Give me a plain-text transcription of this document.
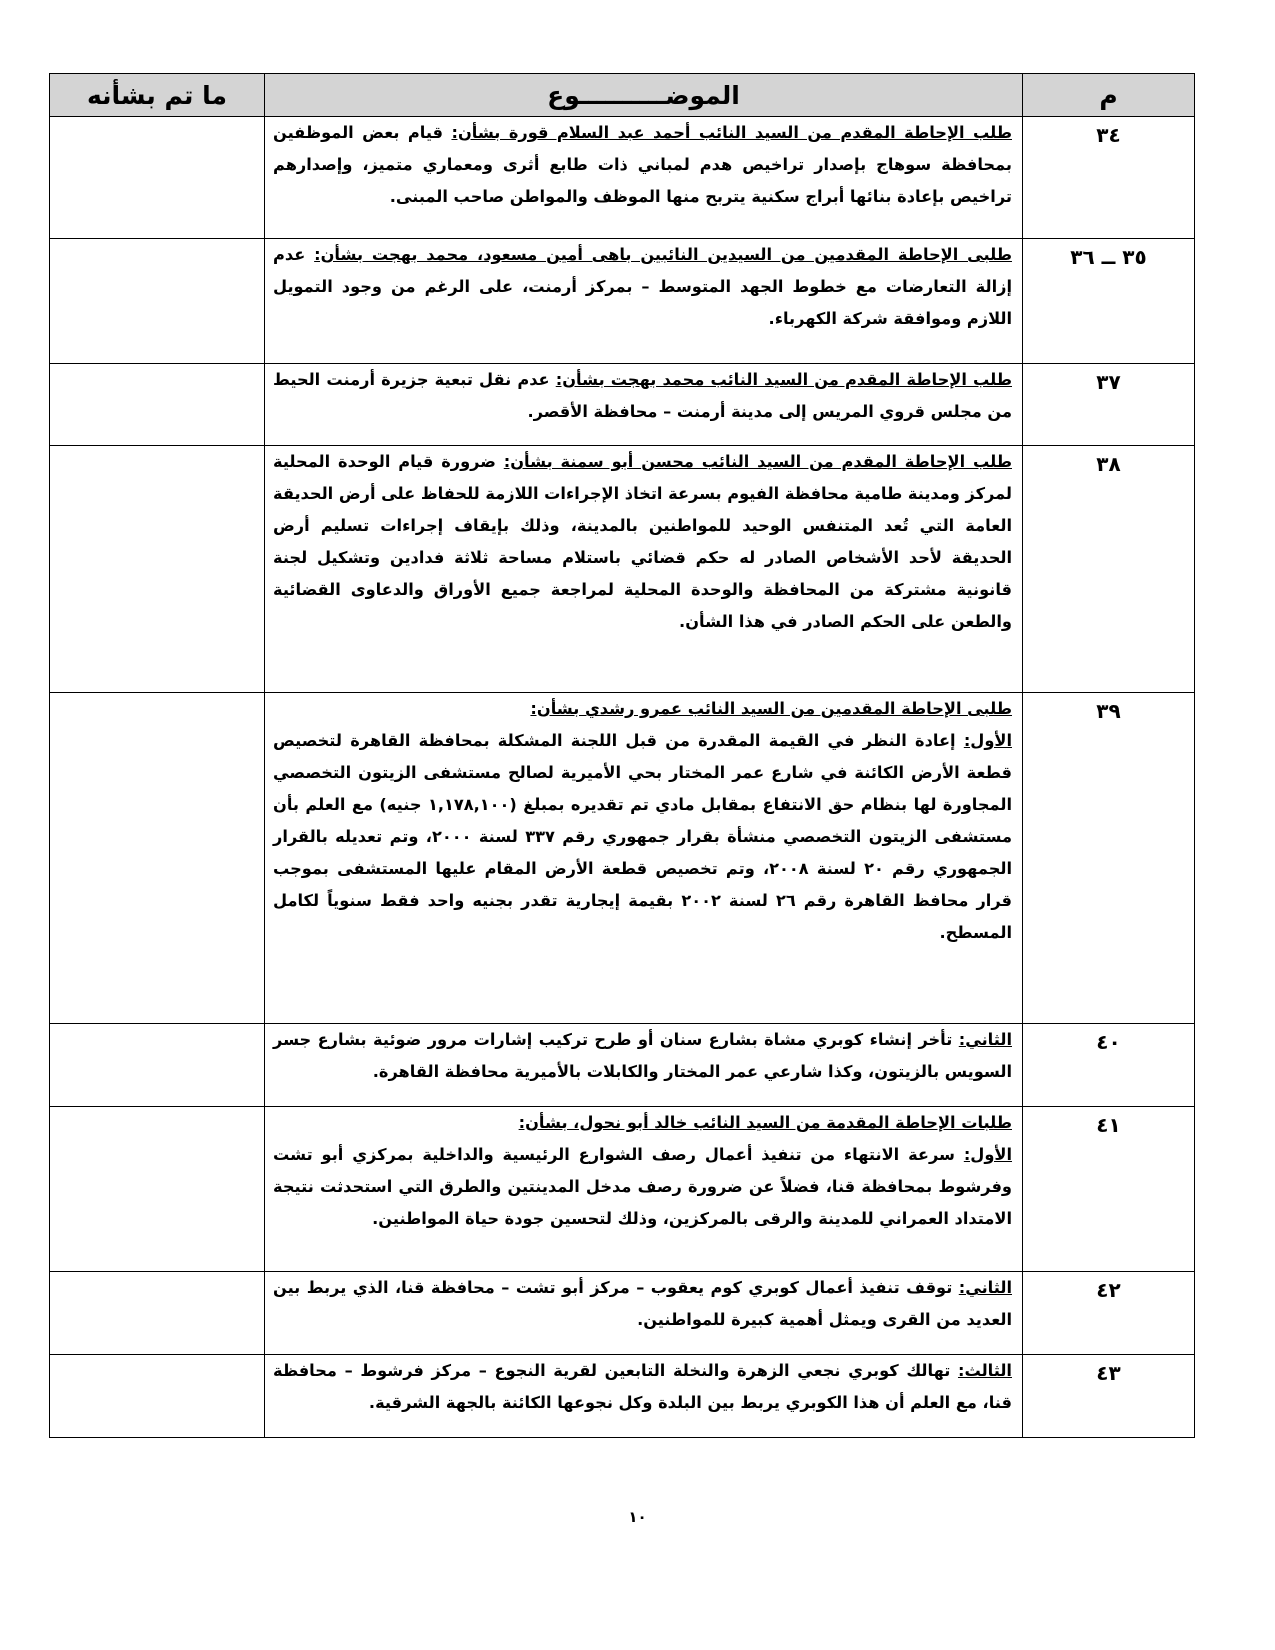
م	الموضــــــــــوع	ما تم بشأنه
٣٤	طلب الإحاطة المقدم من السيد النائب أحمد عبد السلام قورة بشأن: قيام بعض الموظفين بمحافظة سوهاج بإصدار تراخيص هدم لمباني ذات طابع أثرى ومعماري متميز، وإصدارهم تراخيص بإعادة بنائها أبراج سكنية يتربح منها الموظف والمواطن صاحب المبنى.	

٣٥ ــ ٣٦	طلبى الإحاطة المقدمين من السيدين النائبين باهى أمين مسعود، محمد بهجت بشأن: عدم إزالة التعارضات مع خطوط الجهد المتوسط – بمركز أرمنت، على الرغم من وجود التمويل اللازم وموافقة شركة الكهرباء.	

٣٧	طلب الإحاطة المقدم من السيد النائب محمد بهجت بشأن: عدم نقل تبعية جزيرة أرمنت الحيط من مجلس قروي المريس إلى مدينة أرمنت – محافظة الأقصر.	

٣٨	طلب الإحاطة المقدم من السيد النائب محسن أبو سمنة بشأن: ضرورة قيام الوحدة المحلية لمركز ومدينة طامية محافظة الفيوم بسرعة اتخاذ الإجراءات اللازمة للحفاظ على أرض الحديقة العامة التي تُعد المتنفس الوحيد للمواطنين بالمدينة، وذلك بإيقاف إجراءات تسليم أرض الحديقة لأحد الأشخاص الصادر له حكم قضائي باستلام مساحة ثلاثة فدادين وتشكيل لجنة قانونية مشتركة من المحافظة والوحدة المحلية لمراجعة جميع الأوراق والدعاوى القضائية والطعن على الحكم الصادر في هذا الشأن.	

٣٩	طلبى الإحاطة المقدمين من السيد النائب عمرو رشدي بشأن:
الأول: إعادة النظر في القيمة المقدرة من قبل اللجنة المشكلة بمحافظة القاهرة لتخصيص قطعة الأرض الكائنة في شارع عمر المختار بحي الأميرية لصالح مستشفى الزيتون التخصصي المجاورة لها بنظام حق الانتفاع بمقابل مادي تم تقديره بمبلغ (١,١٧٨,١٠٠ جنيه) مع العلم بأن مستشفى الزيتون التخصصي منشأة بقرار جمهوري رقم ٣٣٧ لسنة ٢٠٠٠، وتم تعديله بالقرار الجمهوري رقم ٢٠ لسنة ٢٠٠٨، وتم تخصيص قطعة الأرض المقام عليها المستشفى بموجب قرار محافظ القاهرة رقم ٢٦ لسنة ٢٠٠٢ بقيمة إيجارية تقدر بجنيه واحد فقط سنوياً لكامل المسطح.	

٤٠	الثاني: تأخر إنشاء كوبري مشاة بشارع سنان أو طرح تركيب إشارات مرور ضوئية بشارع جسر السويس بالزيتون، وكذا شارعي عمر المختار والكابلات بالأميرية محافظة القاهرة.	

٤١	طلبات الإحاطة المقدمة من السيد النائب خالد أبو نحول، بشأن:
الأول: سرعة الانتهاء من تنفيذ أعمال رصف الشوارع الرئيسية والداخلية بمركزي أبو تشت وفرشوط بمحافظة قنا، فضلاً عن ضرورة رصف مدخل المدينتين والطرق التي استحدثت نتيجة الامتداد العمراني للمدينة والرقى بالمركزين، وذلك لتحسين جودة حياة المواطنين.	

٤٢	الثاني: توقف تنفيذ أعمال كوبري كوم يعقوب – مركز أبو تشت – محافظة قنا، الذي يربط بين العديد من القرى ويمثل أهمية كبيرة للمواطنين.	

٤٣	الثالث: تهالك كوبري نجعي الزهرة والنخلة التابعين لقرية النجوع – مركز فرشوط – محافظة قنا، مع العلم أن هذا الكوبري يربط بين البلدة وكل نجوعها الكائنة بالجهة الشرقية.	

١٠
